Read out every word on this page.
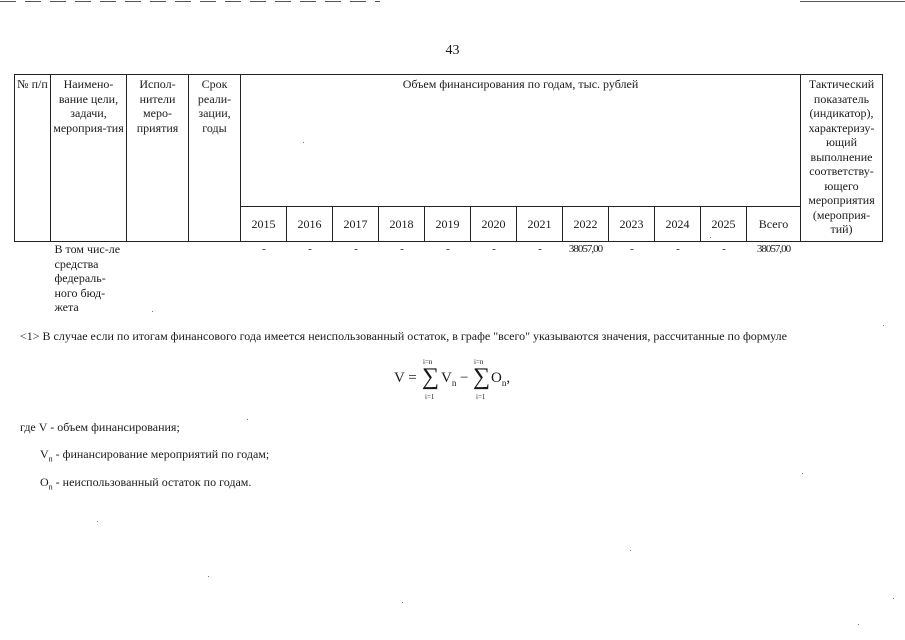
43
№ п/п	Наимено-вание цели, задачи, мероприя-тия	Испол-нители меро-приятия	Срок реали-зации, годы	Объем финансирования по годам, тыс. рублей												Тактический показатель (индикатор), характеризу-ющий выполнение соответству-ющего мероприятия (мероприя-тий)
				2015	2016	2017	2018	2019	2020	2021	2022	2023	2024	2025	Всего	
	В том чис-ле средства федераль-ного бюд-жета			-	-	-	-	-	-	-	38057,00	-	-	-	38057,00	
<1> В случае если по итогам финансового года имеется неиспользованный остаток, в графе "всего" указываются значения, рассчитанные по формуле
V =
i=n
∑
i=1
$V_n$ −
i=n
∑
i=1
$O_n$,
где V - объем финансирования;
$V_n$ - финансирование мероприятий по годам;
$O_n$ - неиспользованный остаток по годам.
